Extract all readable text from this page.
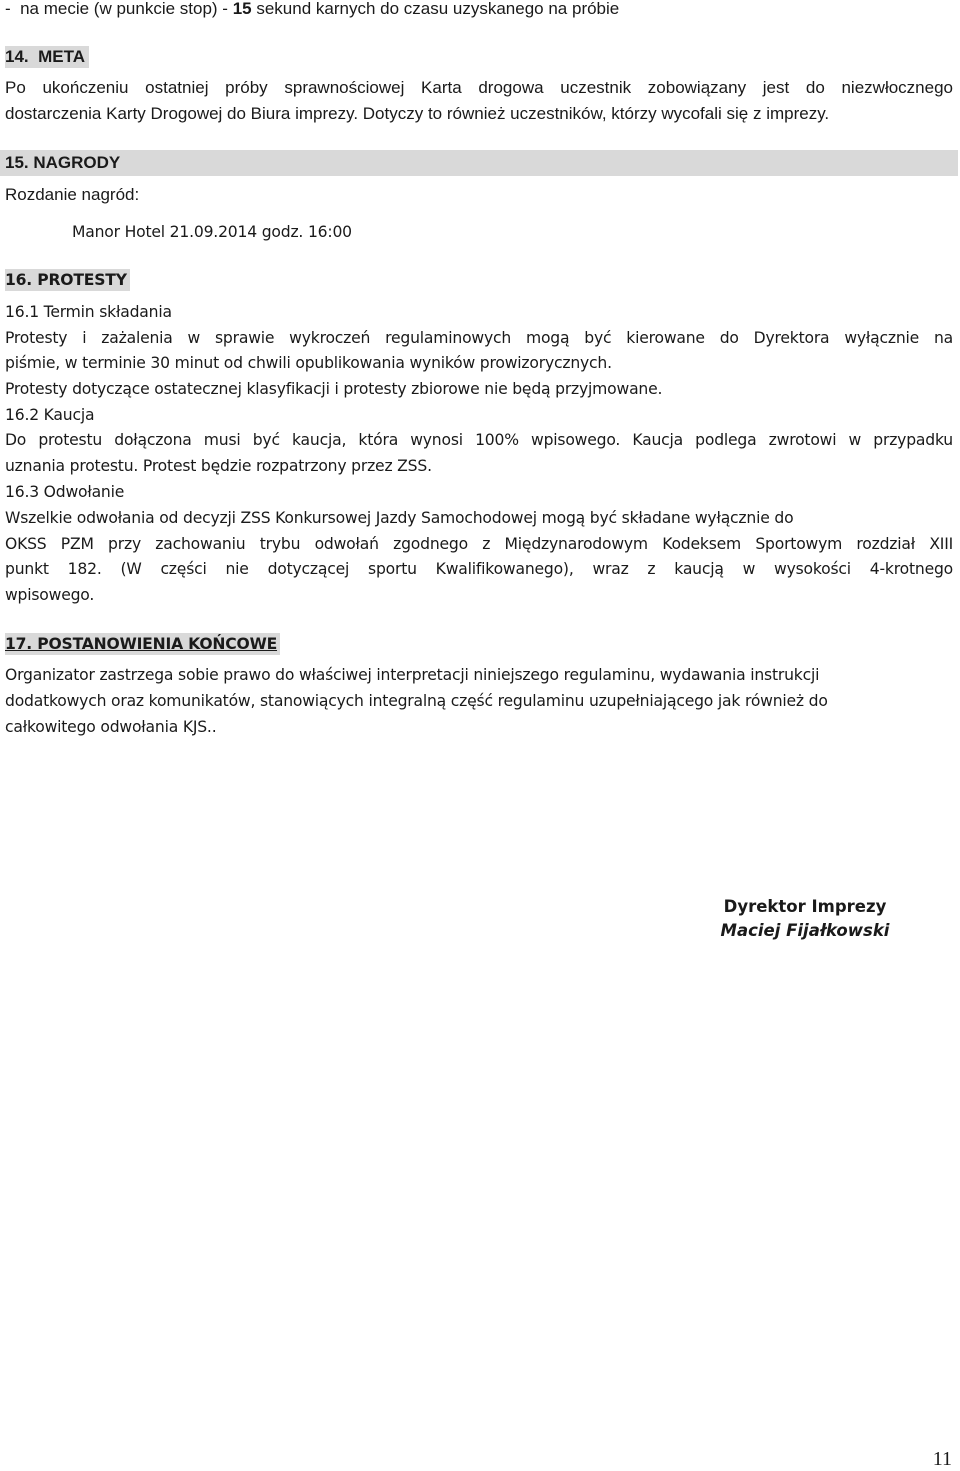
-  na mecie (w punkcie stop) - 15 sekund karnych do czasu uzyskanego na próbie
14.  META
Po ukończeniu ostatniej próby sprawnościowej Karta drogowa uczestnik zobowiązany jest do niezwłocznego
dostarczenia Karty Drogowej do Biura imprezy. Dotyczy to również uczestników, którzy wycofali się z imprezy.
15. NAGRODY
Rozdanie nagród:
Manor Hotel 21.09.2014 godz. 16:00
16. PROTESTY
16.1 Termin składania
Protesty i zażalenia w sprawie wykroczeń regulaminowych mogą być kierowane do Dyrektora wyłącznie na
piśmie, w terminie 30 minut od chwili opublikowania wyników prowizorycznych.
Protesty dotyczące ostatecznej klasyfikacji i protesty zbiorowe nie będą przyjmowane.
16.2 Kaucja
Do protestu dołączona musi być kaucja, która wynosi 100% wpisowego. Kaucja podlega zwrotowi w przypadku
uznania protestu. Protest będzie rozpatrzony przez ZSS.
16.3 Odwołanie
Wszelkie odwołania od decyzji ZSS Konkursowej Jazdy Samochodowej mogą być składane wyłącznie do
OKSS PZM przy zachowaniu trybu odwołań zgodnego z Międzynarodowym Kodeksem Sportowym rozdział XIII
punkt 182. (W części nie dotyczącej sportu Kwalifikowanego), wraz z kaucją w wysokości 4-krotnego
wpisowego.
17. POSTANOWIENIA KOŃCOWE
Organizator zastrzega sobie prawo do właściwej interpretacji niniejszego regulaminu, wydawania instrukcji
dodatkowych oraz komunikatów, stanowiących integralną część regulaminu uzupełniającego jak również do
całkowitego odwołania KJS..
Dyrektor Imprezy
Maciej Fijałkowski
11
